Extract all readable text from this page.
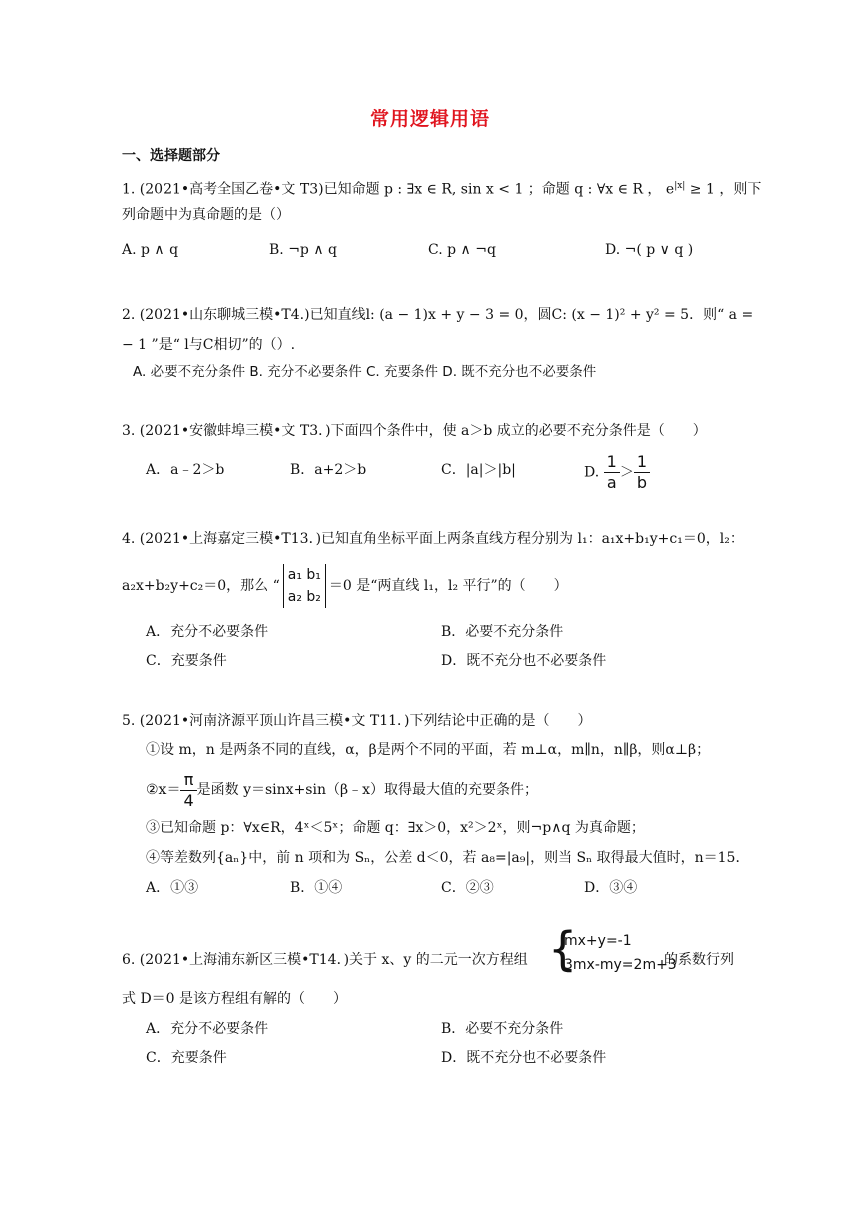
常用逻辑用语
一、选择题部分
1. (2021•高考全国乙卷•文 T3)已知命题 p : ∃x ∈ R, sin x < 1 ；命题 q : ∀x ∈ R ， $e^{|x|} \ge 1$ ，则下
列命题中为真命题的是（）
A. p ∧ q	B. ¬p ∧ q	C. p ∧ ¬q	D. ¬( p ∨ q )
2. (2021•山东聊城三模•T4.)已知直线l: (a − 1)x + y − 3 = 0，圆C: (x − 1)² + y² = 5．则“ a =
− 1 ”是“ l与C相切”的（）.
A. 必要不充分条件 B. 充分不必要条件 C. 充要条件 D. 既不充分也不必要条件
3. (2021•安徽蚌埠三模•文 T3．)下面四个条件中，使 a＞b 成立的必要不充分条件是（　　）
A．a﹣2＞b	B．a+2＞b	C．|a|＞|b|	D. $\frac{1}{a} > \frac{1}{b}$
4. (2021•上海嘉定三模•T13．)已知直角坐标平面上两条直线方程分别为 l₁：a₁x+b₁y+c₁＝0，l₂：
a₂x+b₂y+c₂＝0，那么 “
a₁ b₁
a₂ b₂
＝0 是“两直线 l₁，l₂ 平行”的（　　）
A．充分不必要条件	B．必要不充分条件
C．充要条件	D．既不充分也不必要条件
5. (2021•河南济源平顶山许昌三模•文 T11．)下列结论中正确的是（　　）
①设 m，n 是两条不同的直线，α，β是两个不同的平面，若 m⊥α，m∥n，n∥β，则α⊥β；
②x＝ $\frac{\pi}{4}$ 是函数 y＝sinx+sin（β﹣x）取得最大值的充要条件；
③已知命题 p：∀x∈R，4ˣ＜5ˣ；命题 q：∃x＞0，x²＞2ˣ，则¬p∧q 为真命题；
④等差数列{aₙ}中，前 n 项和为 Sₙ，公差 d＜0，若 a₈=|a₉|，则当 Sₙ 取得最大值时，n＝15．
A．①③	B．①④	C．②③	D．③④
6. (2021•上海浦东新区三模•T14．)关于 x、y 的二元一次方程组 {
mx+y=-1
3mx-my=2m+3
的系数行列
式 D＝0 是该方程组有解的（　　）
A．充分不必要条件	B．必要不充分条件
C．充要条件	D．既不充分也不必要条件
